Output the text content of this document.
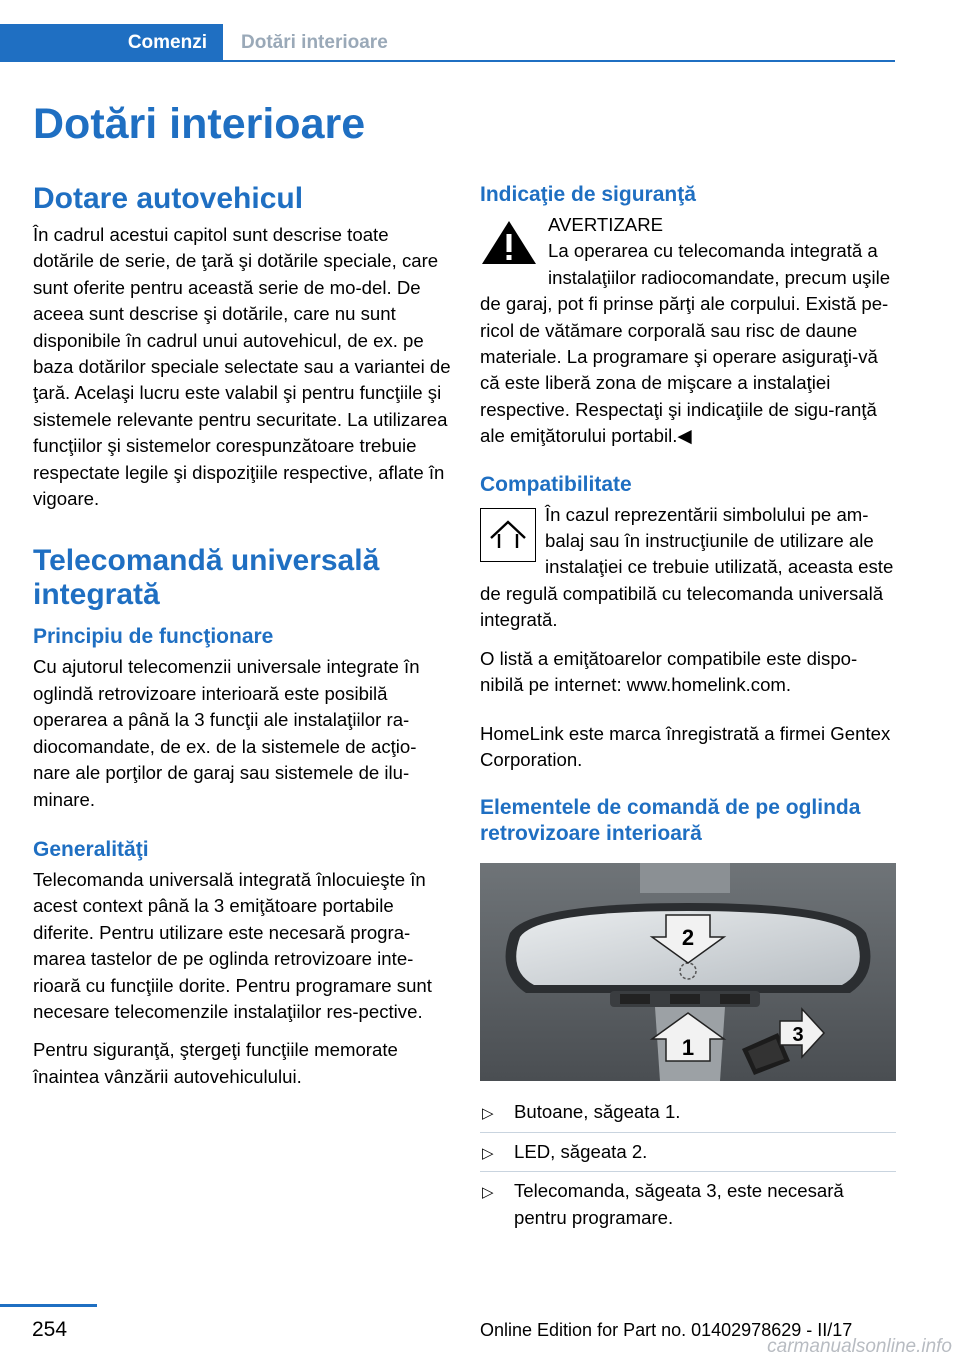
Comenzi	Dotări interioare
Dotări interioare
Dotare autovehicul

În cadrul acestui capitol sunt descrise toate dotările de serie, de ţară şi dotările speciale, care sunt oferite pentru această serie de mo‐del. De aceea sunt descrise şi dotările, care nu sunt disponibile în cadrul unui autovehicul, de ex. pe baza dotărilor speciale selectate sau a variantei de ţară. Acelaşi lucru este valabil şi pentru funcţiile şi sistemele relevante pentru securitate. La utilizarea funcţiilor şi sistemelor corespunzătoare trebuie respectate legile şi dispoziţiile respective, aflate în vigoare.

Telecomandă universală integrată
Principiu de funcţionare

Cu ajutorul telecomenzii universale integrate în oglindă retrovizoare interioară este posibilă operarea a până la 3 funcţii ale instalaţiilor ra‐diocomandate, de ex. de la sistemele de acţio‐nare ale porţilor de garaj sau sistemele de ilu‐minare.

Generalităţi

Telecomanda universală integrată înlocuieşte în acest context până la 3 emiţătoare portabile diferite. Pentru utilizare este necesară progra‐marea tastelor de pe oglinda retrovizoare inte‐rioară cu funcţiile dorite. Pentru programare sunt necesare telecomenzile instalaţiilor res‐pective.

Pentru siguranţă, ştergeţi funcţiile memorate înaintea vânzării autovehiculului.

Indicaţie de siguranţă

AVERTIZARE

La operarea cu telecomanda integrată a instalaţiilor radiocomandate, precum uşile de garaj, pot fi prinse părţi ale corpului. Există pe‐ricol de vătămare corporală sau risc de daune materiale. La programare şi operare asiguraţi-vă că este liberă zona de mişcare a instalaţiei respective. Respectaţi şi indicaţiile de sigu‐ranţă ale emiţătorului portabil.◀

Compatibilitate

În cazul reprezentării simbolului pe am‐balaj sau în instrucţiunile de utilizare ale instalaţiei ce trebuie utilizată, aceasta este de regulă compatibilă cu telecomanda universală integrată.

O listă a emiţătoarelor compatibile este dispo‐nibilă pe internet: www.homelink.com.

HomeLink este marca înregistrată a firmei Gentex Corporation.

Elementele de comandă de pe oglinda retrovizoare interioară
2
1	3
▷ Butoane, săgeata 1.
▷ LED, săgeata 2.
▷ Telecomanda, săgeata 3, este necesară pentru programare.
254	Online Edition for Part no. 01402978629 - II/17
carmanualsonline.info
